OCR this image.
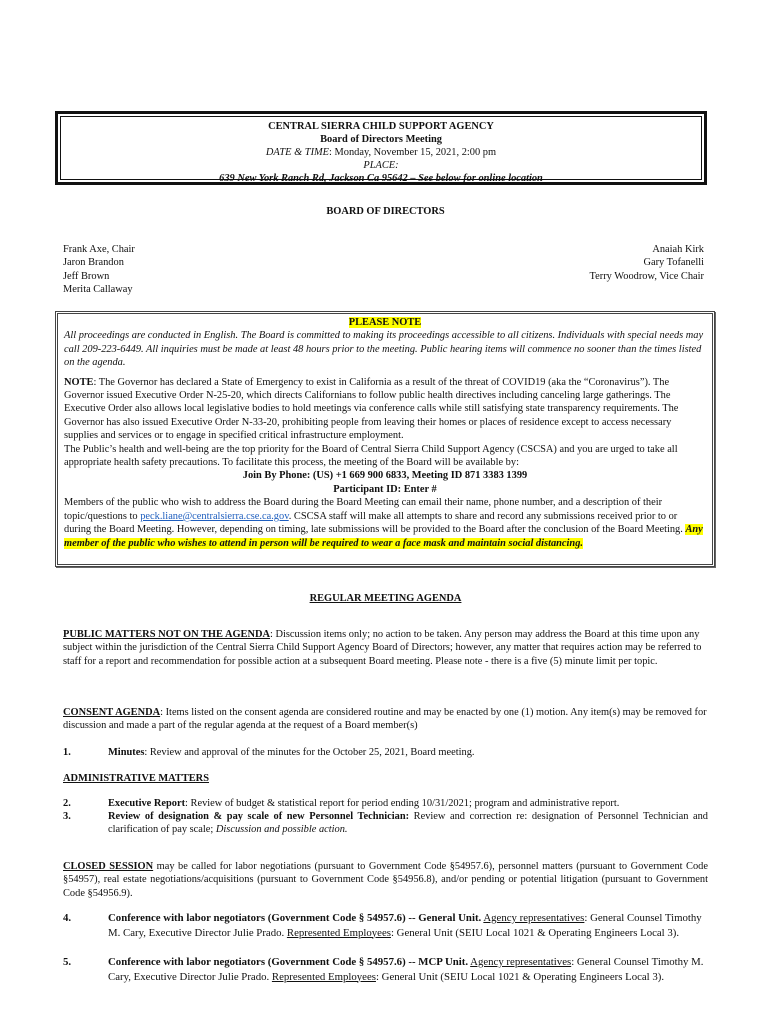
CENTRAL SIERRA CHILD SUPPORT AGENCY
Board of Directors Meeting
DATE & TIME: Monday, November 15, 2021, 2:00 pm
PLACE:
639 New York Ranch Rd, Jackson Ca 95642 – See below for online location
BOARD OF DIRECTORS
Frank Axe, Chair
Jaron Brandon
Jeff Brown
Merita Callaway
Anaiah Kirk
Gary Tofanelli
Terry Woodrow, Vice Chair
PLEASE NOTE
All proceedings are conducted in English. The Board is committed to making its proceedings accessible to all citizens. Individuals with special needs may call 209-223-6449. All inquiries must be made at least 48 hours prior to the meeting. Public hearing items will commence no sooner than the times listed on the agenda.
NOTE: The Governor has declared a State of Emergency to exist in California as a result of the threat of COVID19 (aka the “Coronavirus”). The Governor issued Executive Order N-25-20, which directs Californians to follow public health directives including canceling large gatherings. The Executive Order also allows local legislative bodies to hold meetings via conference calls while still satisfying state transparency requirements. The Governor has also issued Executive Order N-33-20, prohibiting people from leaving their homes or places of residence except to access necessary supplies and services or to engage in specified critical infrastructure employment.
The Public’s health and well-being are the top priority for the Board of Central Sierra Child Support Agency (CSCSA) and you are urged to take all appropriate health safety precautions. To facilitate this process, the meeting of the Board will be available by:
Join By Phone: (US) +1 669 900 6833, Meeting ID 871 3383 1399
Participant ID: Enter #
Members of the public who wish to address the Board during the Board Meeting can email their name, phone number, and a description of their topic/questions to peck.liane@centralsierra.cse.ca.gov. CSCSA staff will make all attempts to share and record any submissions received prior to or during the Board Meeting. However, depending on timing, late submissions will be provided to the Board after the conclusion of the Board Meeting. Any member of the public who wishes to attend in person will be required to wear a face mask and maintain social distancing.
REGULAR MEETING AGENDA
PUBLIC MATTERS NOT ON THE AGENDA: Discussion items only; no action to be taken. Any person may address the Board at this time upon any subject within the jurisdiction of the Central Sierra Child Support Agency Board of Directors; however, any matter that requires action may be referred to staff for a report and recommendation for possible action at a subsequent Board meeting. Please note - there is a five (5) minute limit per topic.
CONSENT AGENDA: Items listed on the consent agenda are considered routine and may be enacted by one (1) motion. Any item(s) may be removed for discussion and made a part of the regular agenda at the request of a Board member(s)
1.	Minutes: Review and approval of the minutes for the October 25, 2021, Board meeting.
ADMINISTRATIVE MATTERS
2.	Executive Report: Review of budget & statistical report for period ending 10/31/2021; program and administrative report.
3.	Review of designation & pay scale of new Personnel Technician: Review and correction re: designation of Personnel Technician and clarification of pay scale; Discussion and possible action.
CLOSED SESSION may be called for labor negotiations (pursuant to Government Code §54957.6), personnel matters (pursuant to Government Code §54957), real estate negotiations/acquisitions (pursuant to Government Code §54956.8), and/or pending or potential litigation (pursuant to Government Code §54956.9).
4.	Conference with labor negotiators (Government Code § 54957.6) -- General Unit. Agency representatives: General Counsel Timothy M. Cary, Executive Director Julie Prado. Represented Employees: General Unit (SEIU Local 1021 & Operating Engineers Local 3).
5.	Conference with labor negotiators (Government Code § 54957.6) -- MCP Unit. Agency representatives: General Counsel Timothy M. Cary, Executive Director Julie Prado. Represented Employees: General Unit (SEIU Local 1021 & Operating Engineers Local 3).
